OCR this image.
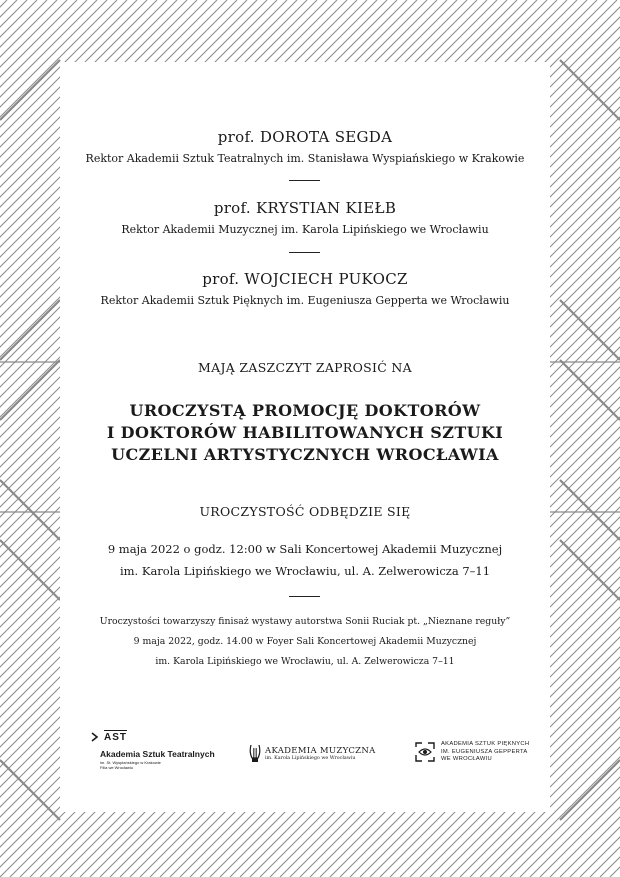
prof. DOROTA SEGDA
Rektor Akademii Sztuk Teatralnych im. Stanisława Wyspiańskiego w Krakowie
prof. KRYSTIAN KIEŁB
Rektor Akademii Muzycznej im. Karola Lipińskiego we Wrocławiu
prof. WOJCIECH PUKOCZ
Rektor Akademii Sztuk Pięknych im. Eugeniusza Gepperta we Wrocławiu
MAJĄ ZASZCZYT ZAPROSIĆ NA
UROCZYSTĄ PROMOCJĘ DOKTORÓW
I DOKTORÓW HABILITOWANYCH SZTUKI
UCZELNI ARTYSTYCZNYCH WROCŁAWIA
UROCZYSTOŚĆ ODBĘDZIE SIĘ
9 maja 2022 o godz. 12:00 w Sali Koncertowej Akademii Muzycznej
im. Karola Lipińskiego we Wrocławiu, ul. A. Zelwerowicza 7–11
Uroczystości towarzyszy finisaż wystawy autorstwa Sonii Ruciak pt. „Nieznane reguły”
9 maja 2022, godz. 14.00 w Foyer Sali Koncertowej Akademii Muzycznej
im. Karola Lipińskiego we Wrocławiu, ul. A. Zelwerowicza 7–11
AST
Akademia Sztuk Teatralnych
im. St. Wyspiańskiego w Krakowie
Filia we Wrocławiu
AKADEMIA MUZYCZNA
im. Karola Lipińskiego we Wrocławiu
AKADEMIA SZTUK PIĘKNYCH
IM. EUGENIUSZA GEPPERTA
WE WROCŁAWIU
